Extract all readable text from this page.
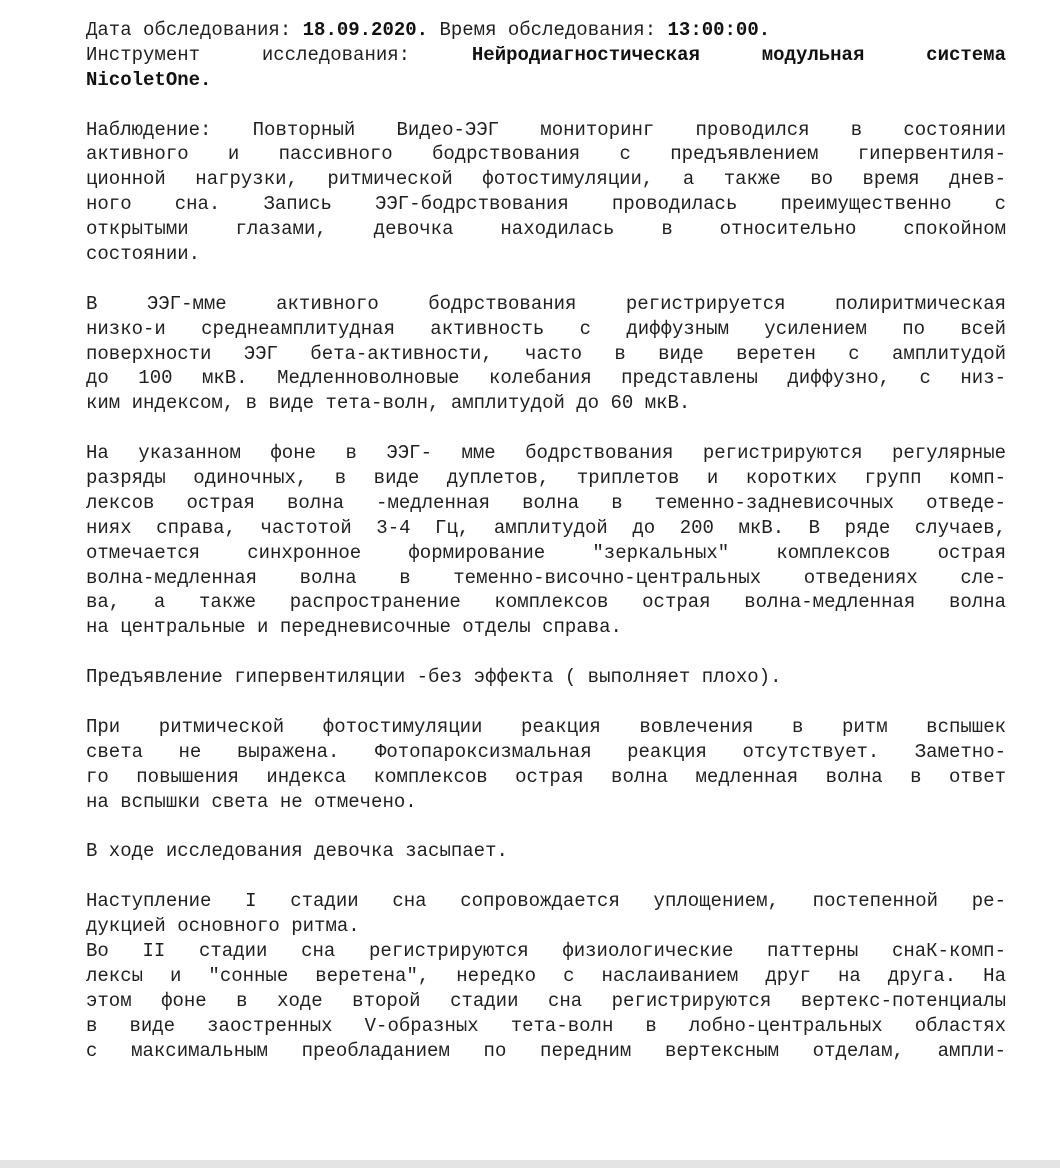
Дата обследования: 18.09.2020. Время обследования: 13:00:00.
Инструмент исследования:	Нейродиагностическая модульная система
NicoletOne.
Наблюдение: Повторный Видео-ЭЭГ мониторинг проводился в состоянии
активного и пассивного бодрствования с предъявлением гипервентиля-
ционной нагрузки, ритмической фотостимуляции, а также во время днев-
ного сна. Запись ЭЭГ-бодрствования проводилась преимущественно с
открытыми глазами, девочка находилась в относительно спокойном
состоянии.
В ЭЭГ-мме активного бодрствования регистрируется полиритмическая
низко-и среднеамплитудная активность с диффузным усилением по всей
поверхности ЭЭГ бета-активности, часто в виде веретен с амплитудой
до 100 мкВ. Медленноволновые колебания представлены диффузно, с низ-
ким индексом, в виде тета-волн, амплитудой до 60 мкВ.
На указанном фоне в ЭЭГ- мме бодрствования регистрируются регулярные
разряды одиночных, в виде дуплетов, триплетов и коротких групп комп-
лексов острая волна -медленная волна в теменно-задневисочных отведе-
ниях справа, частотой 3-4 Гц, амплитудой до 200 мкВ. В ряде случаев,
отмечается синхронное формирование "зеркальных" комплексов острая
волна-медленная волна в теменно-височно-центральных отведениях сле-
ва, а также распространение комплексов острая волна-медленная волна
на центральные и передневисочные отделы справа.
Предъявление гипервентиляции -без эффекта ( выполняет плохо).
При ритмической фотостимуляции реакция вовлечения в ритм вспышек
света не выражена. Фотопароксизмальная реакция отсутствует. Заметно-
го повышения индекса комплексов острая волна медленная волна в ответ
на вспышки света не отмечено.
В ходе исследования девочка засыпает.
Наступление I стадии сна сопровождается уплощением, постепенной ре-
дукцией основного ритма.
Во II стадии сна регистрируются физиологические паттерны снаК-комп-
лексы и "сонные веретена", нередко с наслаиванием друг на друга. На
этом фоне в ходе второй стадии сна регистрируются вертекс-потенциалы
в виде заостренных V-образных тета-волн в лобно-центральных областях
с максимальным преобладанием по передним вертексным отделам, ампли-
